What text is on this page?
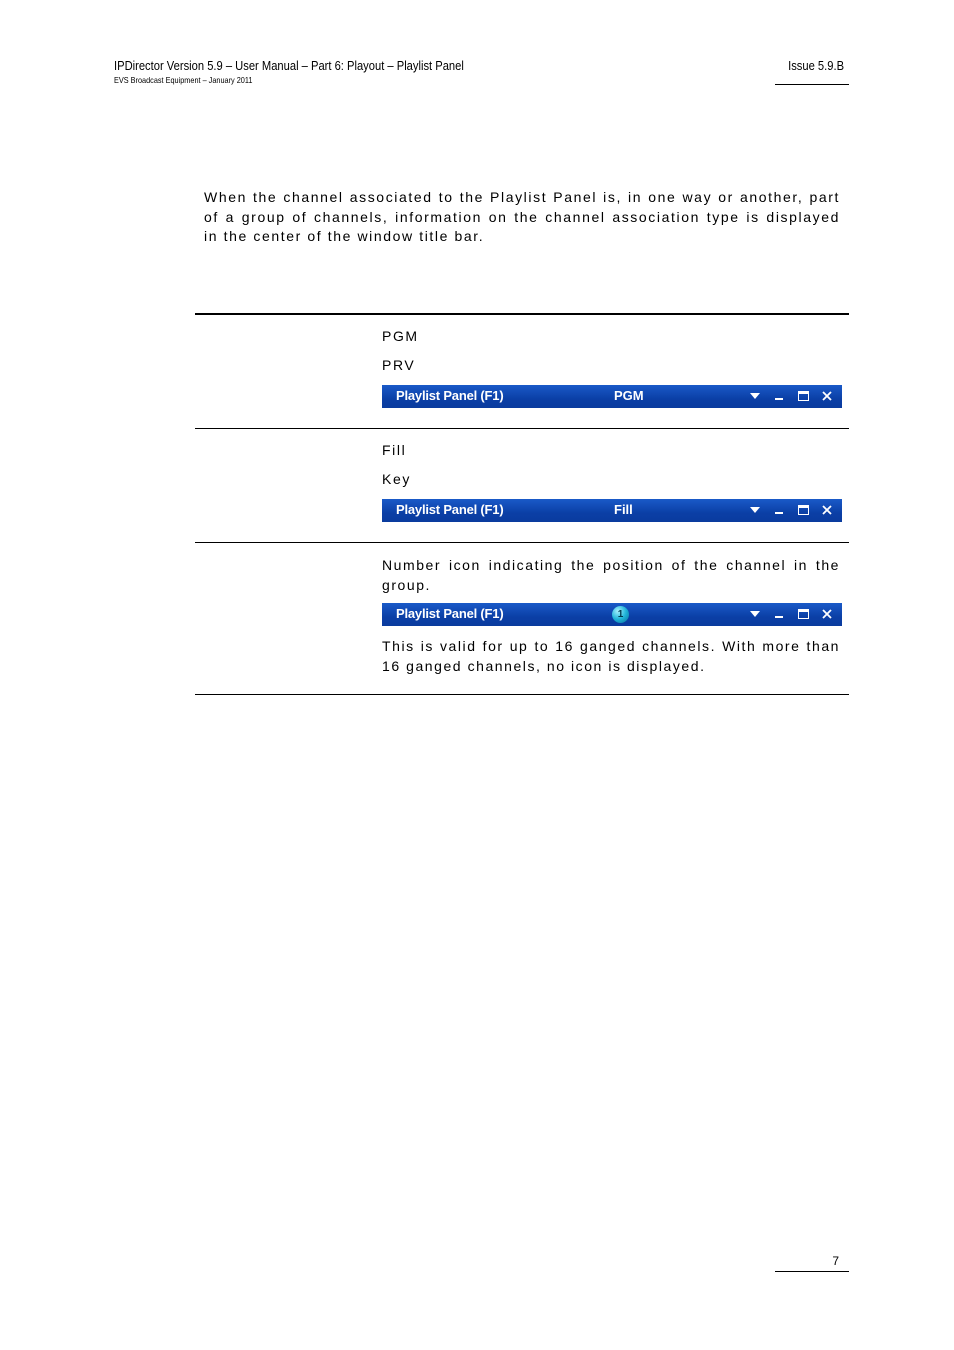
IPDirector Version 5.9 – User Manual – Part 6: Playout – Playlist Panel
EVS Broadcast Equipment – January 2011
Issue 5.9.B

When the channel associated to the Playlist Panel is, in one way or another, part of a group of channels, information on the channel association type is displayed in the center of the window title bar.

PGM
PRV
Playlist Panel (F1)	PGM
Fill
Key
Playlist Panel (F1)	Fill
Number icon indicating the position of the channel in the group.
Playlist Panel (F1)	1
This is valid for up to 16 ganged channels. With more than 16 ganged channels, no icon is displayed.
7
